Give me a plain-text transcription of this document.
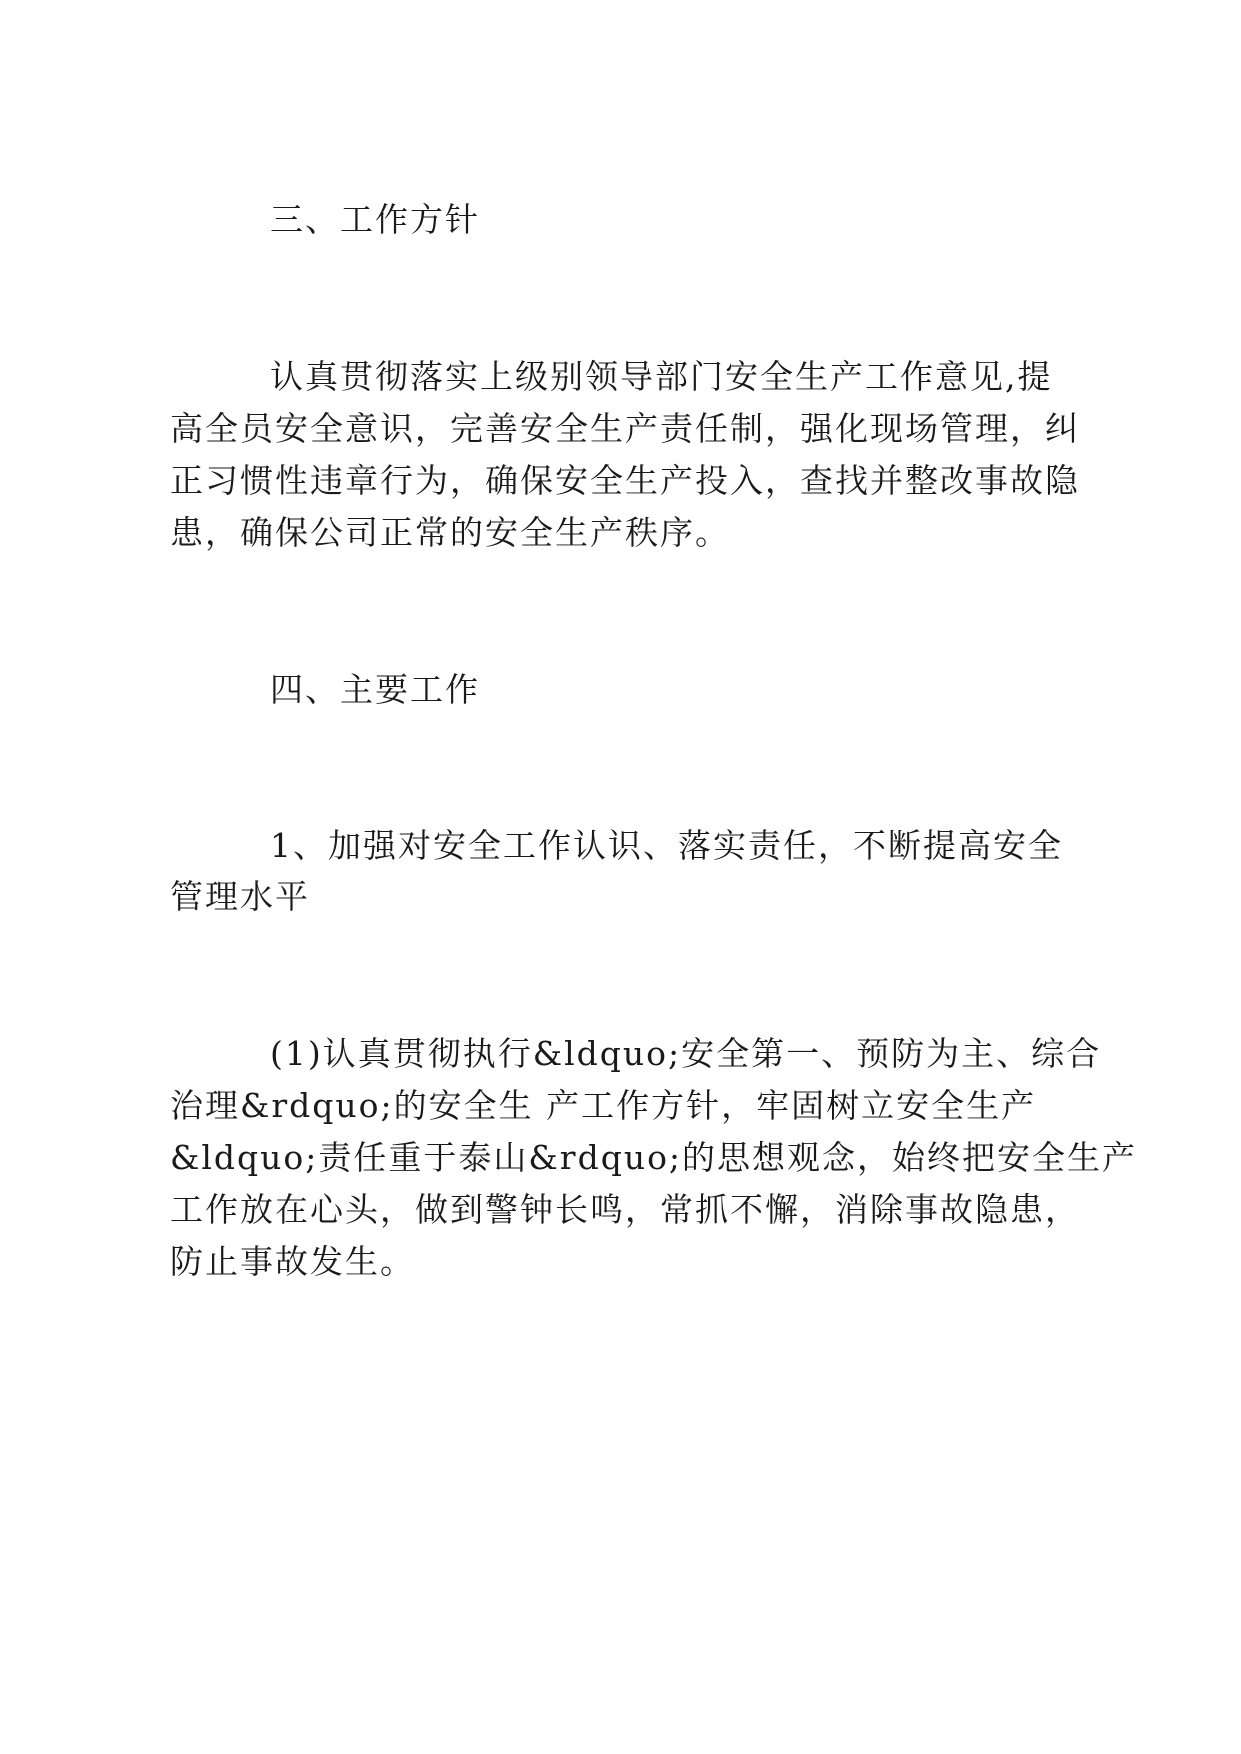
三、工作方针
认真贯彻落实上级别领导部门安全生产工作意见,提
高全员安全意识，完善安全生产责任制，强化现场管理，纠
正习惯性违章行为，确保安全生产投入，查找并整改事故隐
患，确保公司正常的安全生产秩序。
四、主要工作
1、加强对安全工作认识、落实责任，不断提高安全
管理水平
(1)认真贯彻执行&ldquo;安全第一、预防为主、综合
治理&rdquo;的安全生 产工作方针，牢固树立安全生产
&ldquo;责任重于泰山&rdquo;的思想观念，始终把安全生产
工作放在心头，做到警钟长鸣，常抓不懈，消除事故隐患，
防止事故发生。
